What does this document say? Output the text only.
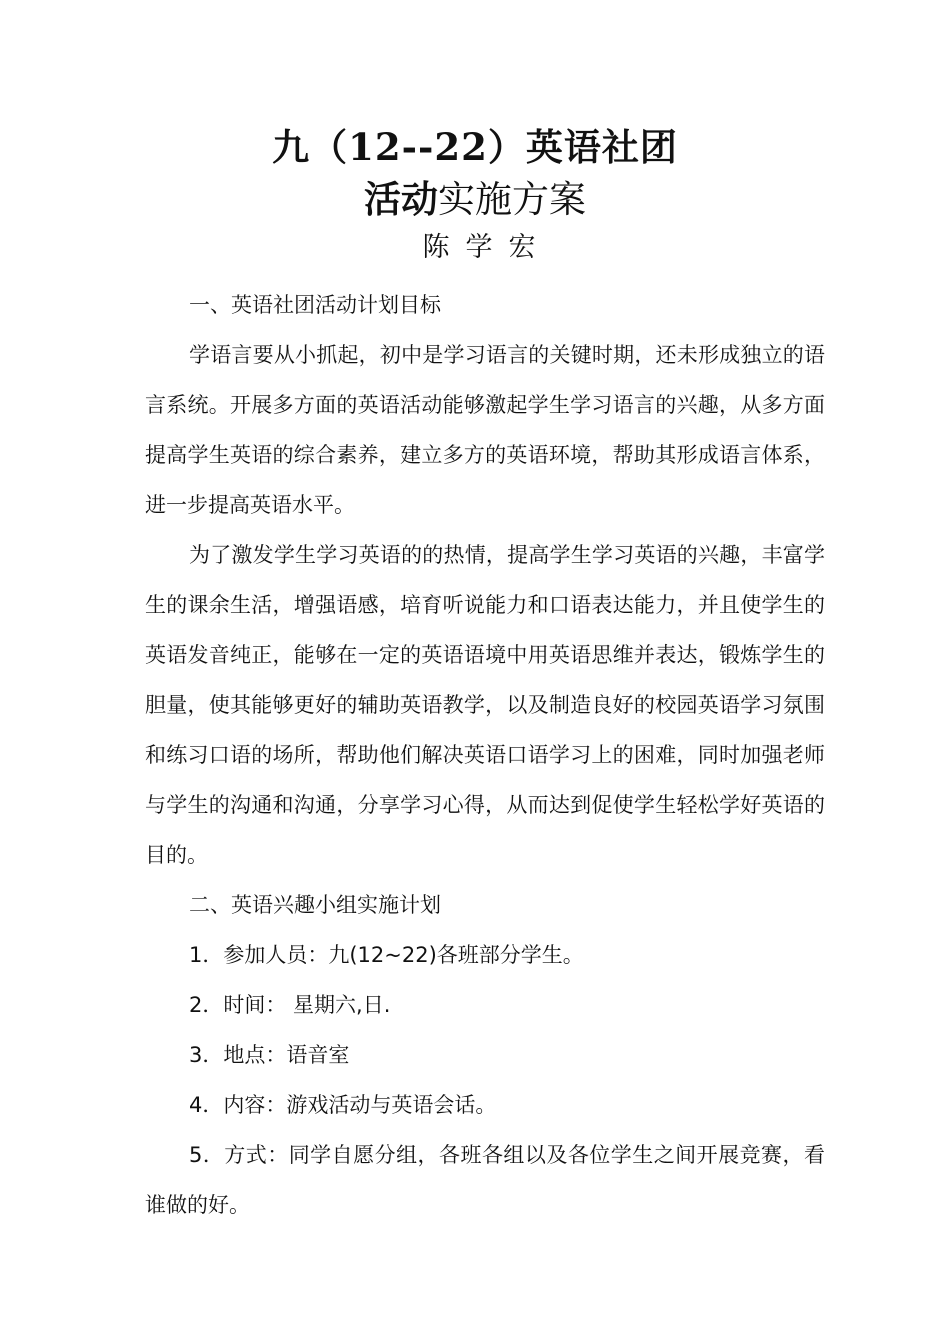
九（12--22）英语社团
活动实施方案
陈学宏

一、英语社团活动计划目标

学语言要从小抓起，初中是学习语言的关键时期，还未形成独立的语言系统。开展多方面的英语活动能够激起学生学习语言的兴趣，从多方面提高学生英语的综合素养，建立多方的英语环境，帮助其形成语言体系，进一步提高英语水平。

为了激发学生学习英语的的热情，提高学生学习英语的兴趣，丰富学生的课余生活，增强语感，培育听说能力和口语表达能力，并且使学生的英语发音纯正，能够在一定的英语语境中用英语思维并表达，锻炼学生的胆量，使其能够更好的辅助英语教学，以及制造良好的校园英语学习氛围和练习口语的场所，帮助他们解决英语口语学习上的困难，同时加强老师与学生的沟通和沟通，分享学习心得，从而达到促使学生轻松学好英语的目的。

二、英语兴趣小组实施计划

1．参加人员：九(12~22)各班部分学生。

2．时间： 星期六,日.

3．地点：语音室

4．内容：游戏活动与英语会话。

5．方式：同学自愿分组，各班各组以及各位学生之间开展竞赛，看谁做的好。
